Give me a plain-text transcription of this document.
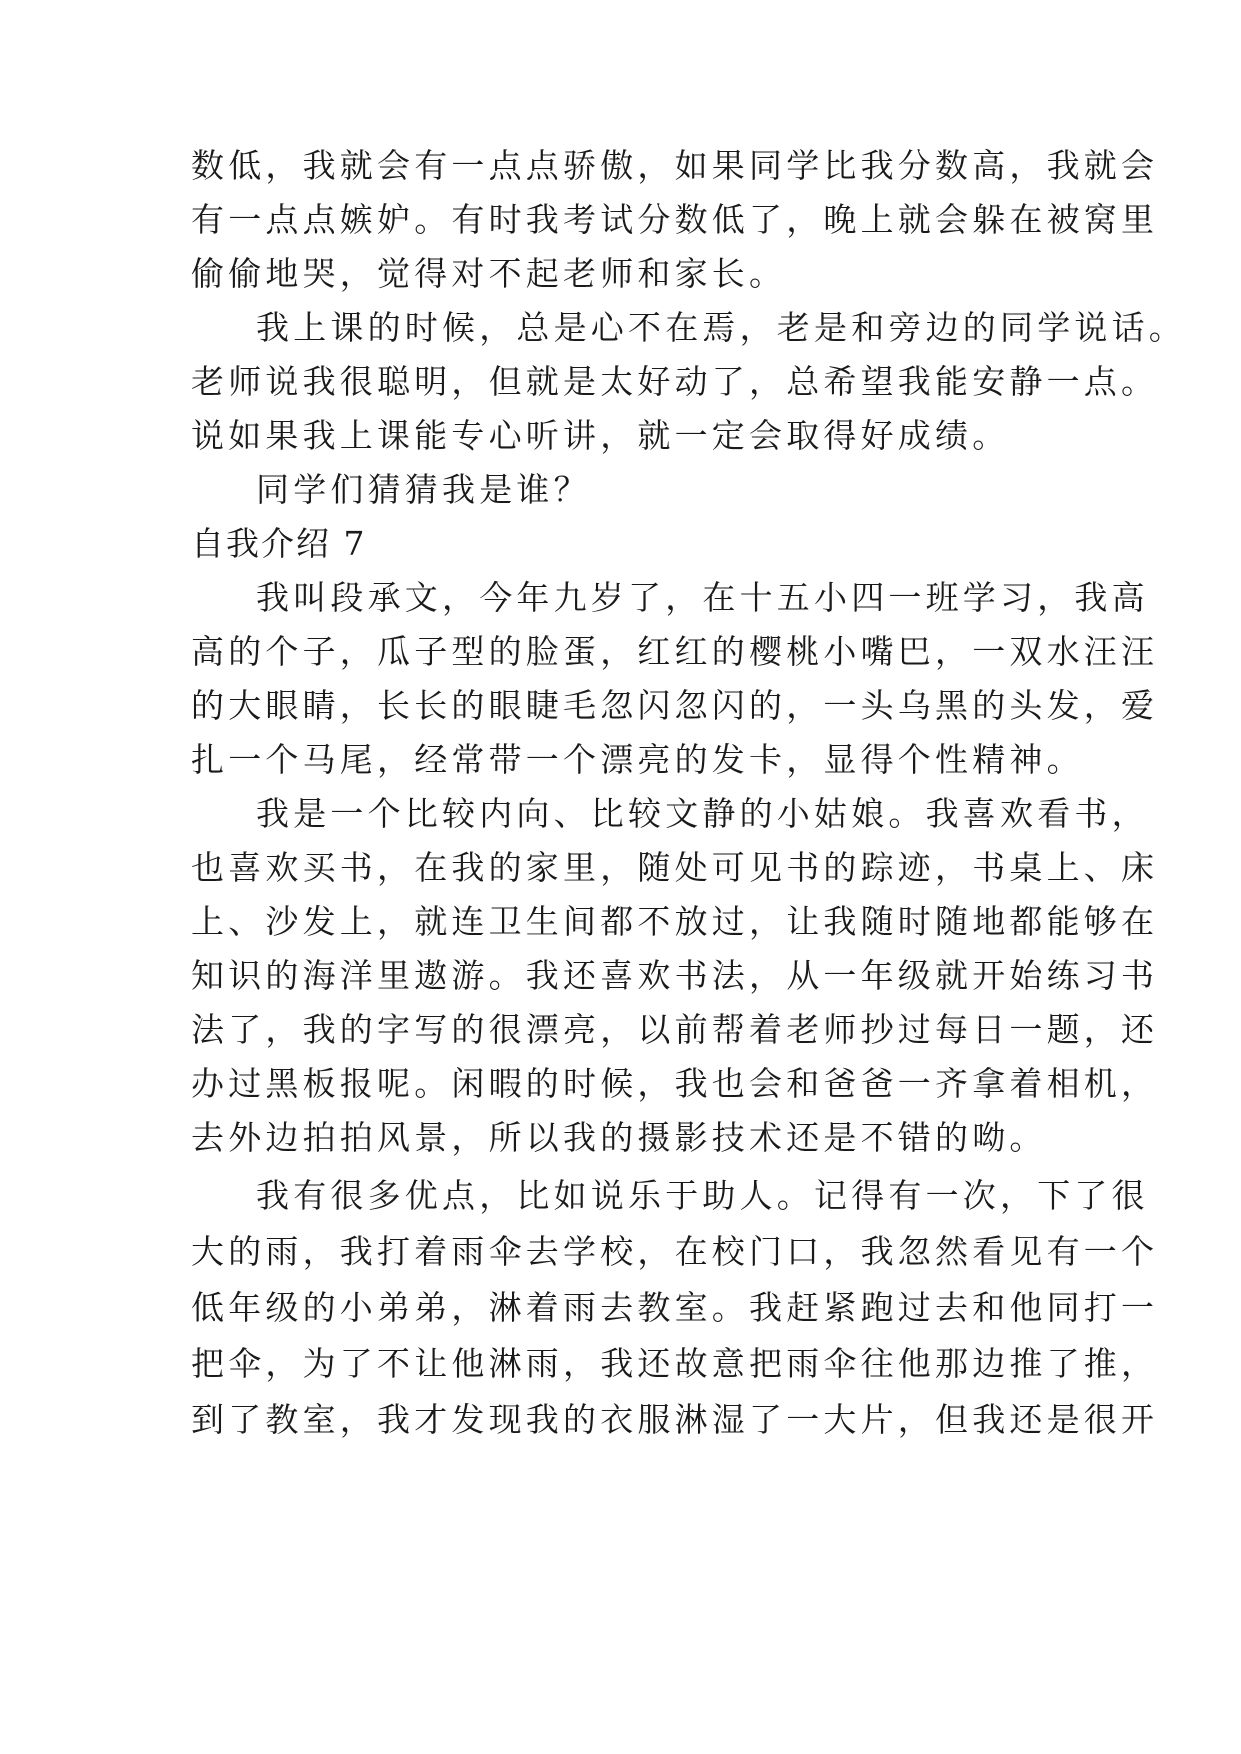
数低，我就会有一点点骄傲，如果同学比我分数高，我就会
有一点点嫉妒。有时我考试分数低了，晚上就会躲在被窝里
偷偷地哭，觉得对不起老师和家长。
我上课的时候，总是心不在焉，老是和旁边的同学说话。
老师说我很聪明，但就是太好动了，总希望我能安静一点。
说如果我上课能专心听讲，就一定会取得好成绩。
同学们猜猜我是谁？
自我介绍 7
我叫段承文，今年九岁了，在十五小四一班学习，我高
高的个子，瓜子型的脸蛋，红红的樱桃小嘴巴，一双水汪汪
的大眼睛，长长的眼睫毛忽闪忽闪的，一头乌黑的头发，爱
扎一个马尾，经常带一个漂亮的发卡，显得个性精神。
我是一个比较内向、比较文静的小姑娘。我喜欢看书，
也喜欢买书，在我的家里，随处可见书的踪迹，书桌上、床
上、沙发上，就连卫生间都不放过，让我随时随地都能够在
知识的海洋里遨游。我还喜欢书法，从一年级就开始练习书
法了，我的字写的很漂亮，以前帮着老师抄过每日一题，还
办过黑板报呢。闲暇的时候，我也会和爸爸一齐拿着相机，
去外边拍拍风景，所以我的摄影技术还是不错的呦。
我有很多优点，比如说乐于助人。记得有一次，下了很
大的雨，我打着雨伞去学校，在校门口，我忽然看见有一个
低年级的小弟弟，淋着雨去教室。我赶紧跑过去和他同打一
把伞，为了不让他淋雨，我还故意把雨伞往他那边推了推，
到了教室，我才发现我的衣服淋湿了一大片，但我还是很开
